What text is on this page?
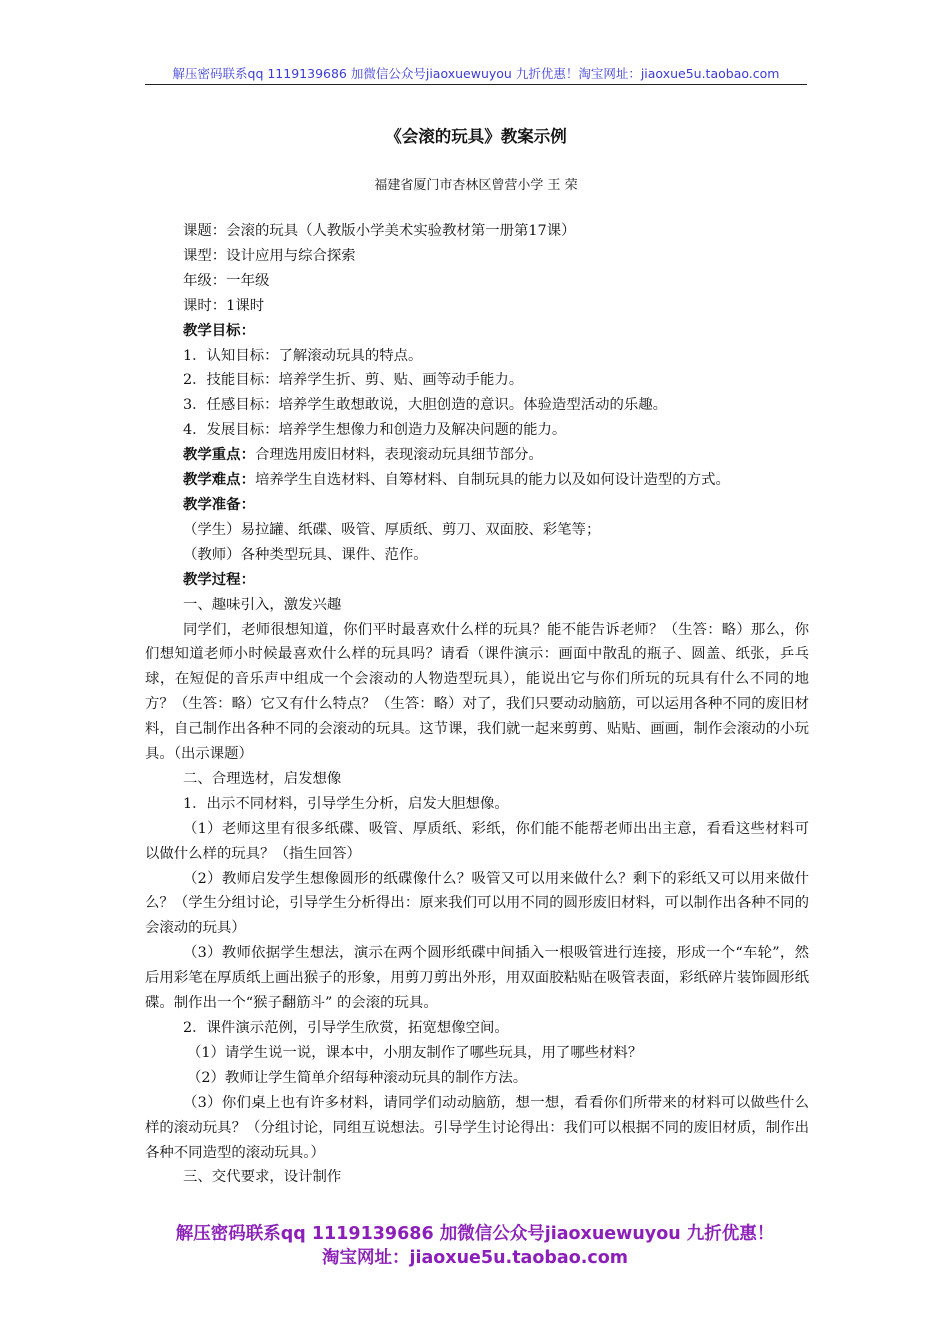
解压密码联系qq 1119139686 加微信公众号jiaoxuewuyou 九折优惠！淘宝网址：jiaoxue5u.taobao.com
《会滚的玩具》教案示例
福建省厦门市杏林区曾营小学 王 荣

课题：会滚的玩具（人教版小学美术实验教材第一册第17课）

课型：设计应用与综合探索

年级：一年级

课时：1课时

教学目标：

1．认知目标：了解滚动玩具的特点。

2．技能目标：培养学生折、剪、贴、画等动手能力。

3．任感目标：培养学生敢想敢说，大胆创造的意识。体验造型活动的乐趣。

4．发展目标：培养学生想像力和创造力及解决问题的能力。

教学重点：合理选用废旧材料，表现滚动玩具细节部分。

教学难点：培养学生自选材料、自筹材料、自制玩具的能力以及如何设计造型的方式。

教学准备：

（学生）易拉罐、纸碟、吸管、厚质纸、剪刀、双面胶、彩笔等；

（教师）各种类型玩具、课件、范作。

教学过程：

一、趣味引入，激发兴趣

同学们，老师很想知道，你们平时最喜欢什么样的玩具？能不能告诉老师？（生答：略）那么，你们想知道老师小时候最喜欢什么样的玩具吗？请看（课件演示：画面中散乱的瓶子、圆盖、纸张，乒乓球，在短促的音乐声中组成一个会滚动的人物造型玩具），能说出它与你们所玩的玩具有什么不同的地方？（生答：略）它又有什么特点？（生答：略）对了，我们只要动动脑筋，可以运用各种不同的废旧材料，自己制作出各种不同的会滚动的玩具。这节课，我们就一起来剪剪、贴贴、画画，制作会滚动的小玩具。（出示课题）

二、合理选材，启发想像

1．出示不同材料，引导学生分析，启发大胆想像。

（1）老师这里有很多纸碟、吸管、厚质纸、彩纸，你们能不能帮老师出出主意，看看这些材料可以做什么样的玩具？（指生回答）

（2）教师启发学生想像圆形的纸碟像什么？吸管又可以用来做什么？剩下的彩纸又可以用来做什么？（学生分组讨论，引导学生分析得出：原来我们可以用不同的圆形废旧材料，可以制作出各种不同的会滚动的玩具）

（3）教师依据学生想法，演示在两个圆形纸碟中间插入一根吸管进行连接，形成一个“车轮”，然后用彩笔在厚质纸上画出猴子的形象，用剪刀剪出外形，用双面胶粘贴在吸管表面，彩纸碎片装饰圆形纸碟。制作出一个“猴子翻筋斗” 的会滚的玩具。

2．课件演示范例，引导学生欣赏，拓宽想像空间。

（1）请学生说一说，课本中，小朋友制作了哪些玩具，用了哪些材料？

（2）教师让学生简单介绍每种滚动玩具的制作方法。

（3）你们桌上也有许多材料，请同学们动动脑筋，想一想，看看你们所带来的材料可以做些什么样的滚动玩具？（分组讨论，同组互说想法。引导学生讨论得出：我们可以根据不同的废旧材质，制作出各种不同造型的滚动玩具。）

三、交代要求，设计制作

解压密码联系qq 1119139686 加微信公众号jiaoxuewuyou 九折优惠！
淘宝网址：jiaoxue5u.taobao.com
